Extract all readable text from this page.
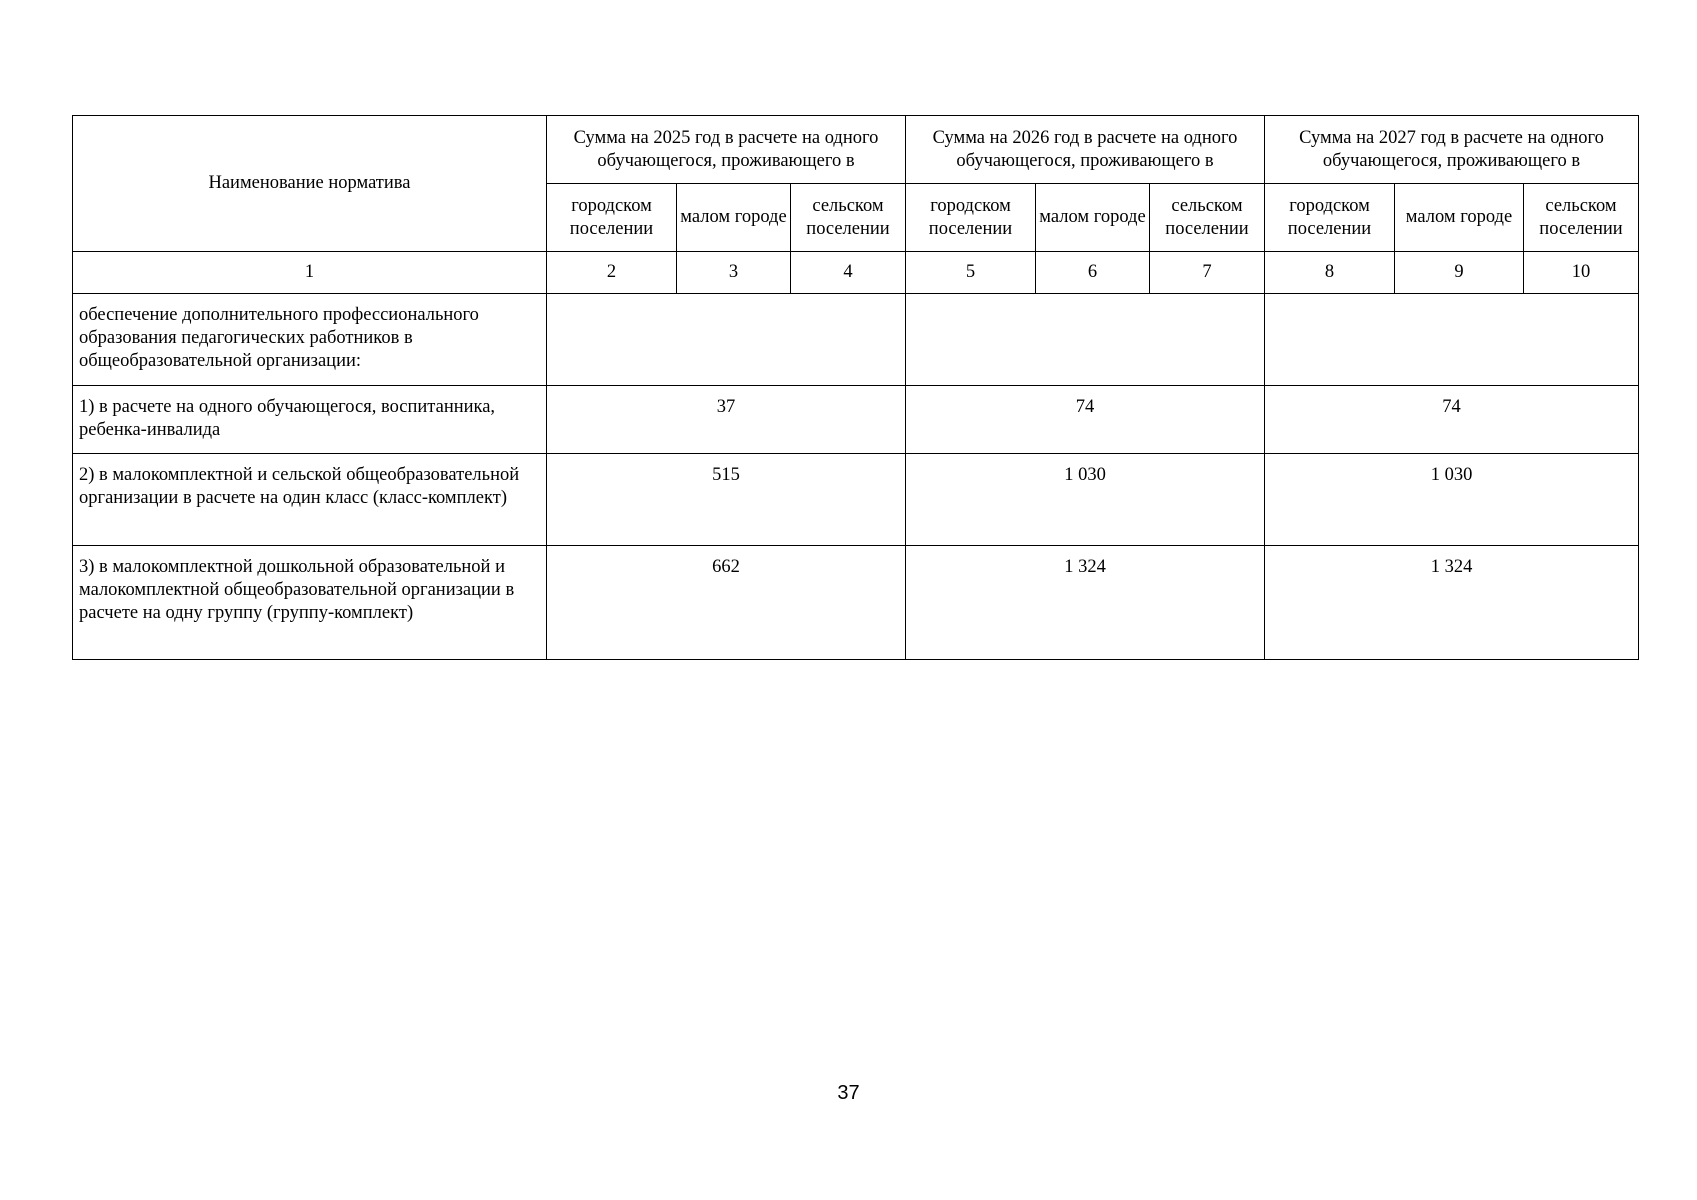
Наименование норматива	Сумма на 2025 год в расчете на одного обучающегося, проживающего в			Сумма на 2026 год в расчете на одного обучающегося, проживающего в			Сумма на 2027 год в расчете на одного обучающегося, проживающего в		
	городском поселении	малом городе	сельском поселении	городском поселении	малом городе	сельском поселении	городском поселении	малом городе	сельском поселении
1	2	3	4	5	6	7	8	9	10
обеспечение дополнительного профессионального образования педагогических работников в общеобразовательной организации:									
1) в расчете на одного обучающегося, воспитанника, ребенка-инвалида	37			74			74		
2) в малокомплектной и сельской общеобразовательной организации в расчете на один класс (класс-комплект)	515			1 030			1 030		
3) в малокомплектной дошкольной образовательной и малокомплектной общеобразовательной организации в расчете на одну группу (группу-комплект)	662			1 324			1 324		
37
